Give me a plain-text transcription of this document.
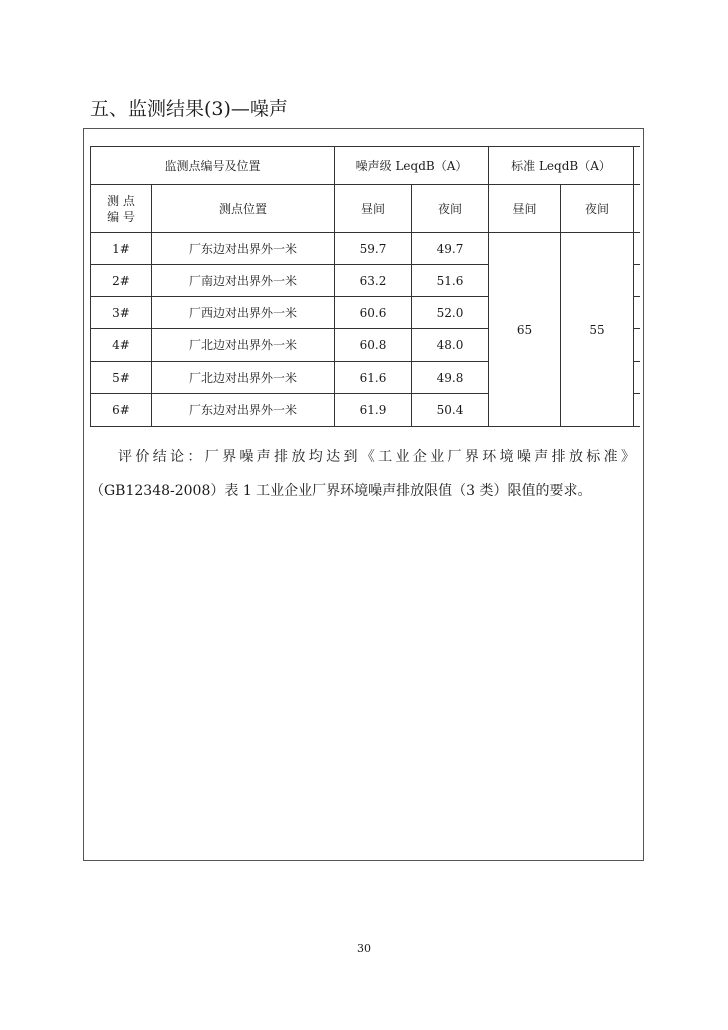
五、监测结果(3)—噪声
监测点编号及位置		噪声级 LeqdB（A）		标准 LeqdB（A）		
测 点
编 号	测点位置	昼间	夜间	昼间	夜间	
1#	厂东边对出界外一米	59.7	49.7	65	55	
2#	厂南边对出界外一米	63.2	51.6			
3#	厂西边对出界外一米	60.6	52.0			
4#	厂北边对出界外一米	60.8	48.0			
5#	厂北边对出界外一米	61.6	49.8			
6#	厂东边对出界外一米	61.9	50.4			
评价结论：厂界噪声排放均达到《工业企业厂界环境噪声排放标准》
（GB12348-2008）表 1 工业企业厂界环境噪声排放限值（3 类）限值的要求。
30
